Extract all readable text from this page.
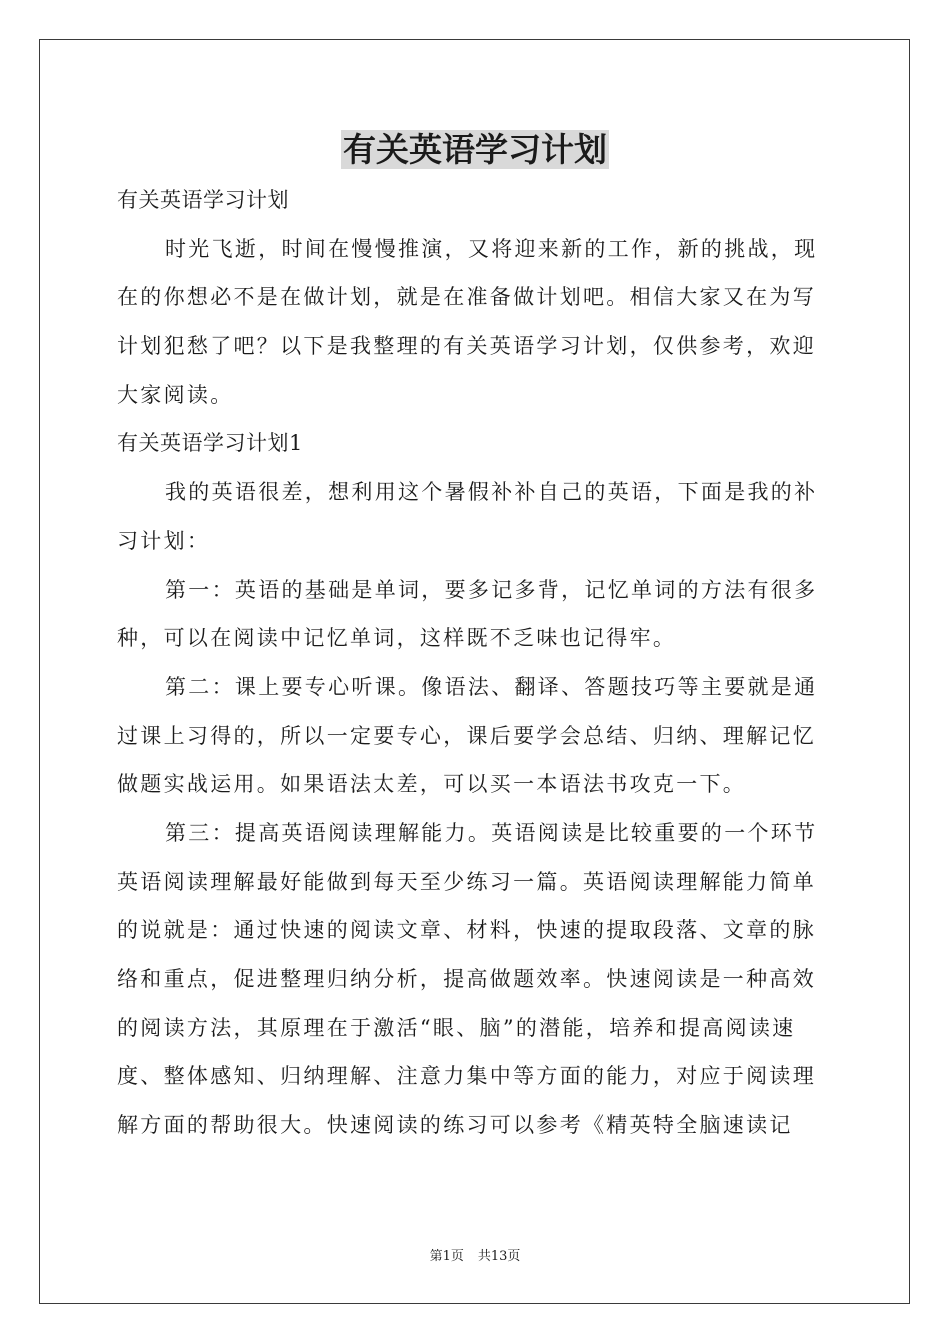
有关英语学习计划
有关英语学习计划
时光飞逝，时间在慢慢推演，又将迎来新的工作，新的挑战，现
在的你想必不是在做计划，就是在准备做计划吧。相信大家又在为写
计划犯愁了吧？以下是我整理的有关英语学习计划，仅供参考，欢迎
大家阅读。
有关英语学习计划1
我的英语很差，想利用这个暑假补补自己的英语，下面是我的补
习计划：
第一：英语的基础是单词，要多记多背，记忆单词的方法有很多
种，可以在阅读中记忆单词，这样既不乏味也记得牢。
第二：课上要专心听课。像语法、翻译、答题技巧等主要就是通
过课上习得的，所以一定要专心，课后要学会总结、归纳、理解记忆
做题实战运用。如果语法太差，可以买一本语法书攻克一下。
第三：提高英语阅读理解能力。英语阅读是比较重要的一个环节
英语阅读理解最好能做到每天至少练习一篇。英语阅读理解能力简单
的说就是：通过快速的阅读文章、材料，快速的提取段落、文章的脉
络和重点，促进整理归纳分析，提高做题效率。快速阅读是一种高效
的阅读方法，其原理在于激活“眼、脑”的潜能，培养和提高阅读速
度、整体感知、归纳理解、注意力集中等方面的能力，对应于阅读理
解方面的帮助很大。快速阅读的练习可以参考《精英特全脑速读记
第1页 共13页
